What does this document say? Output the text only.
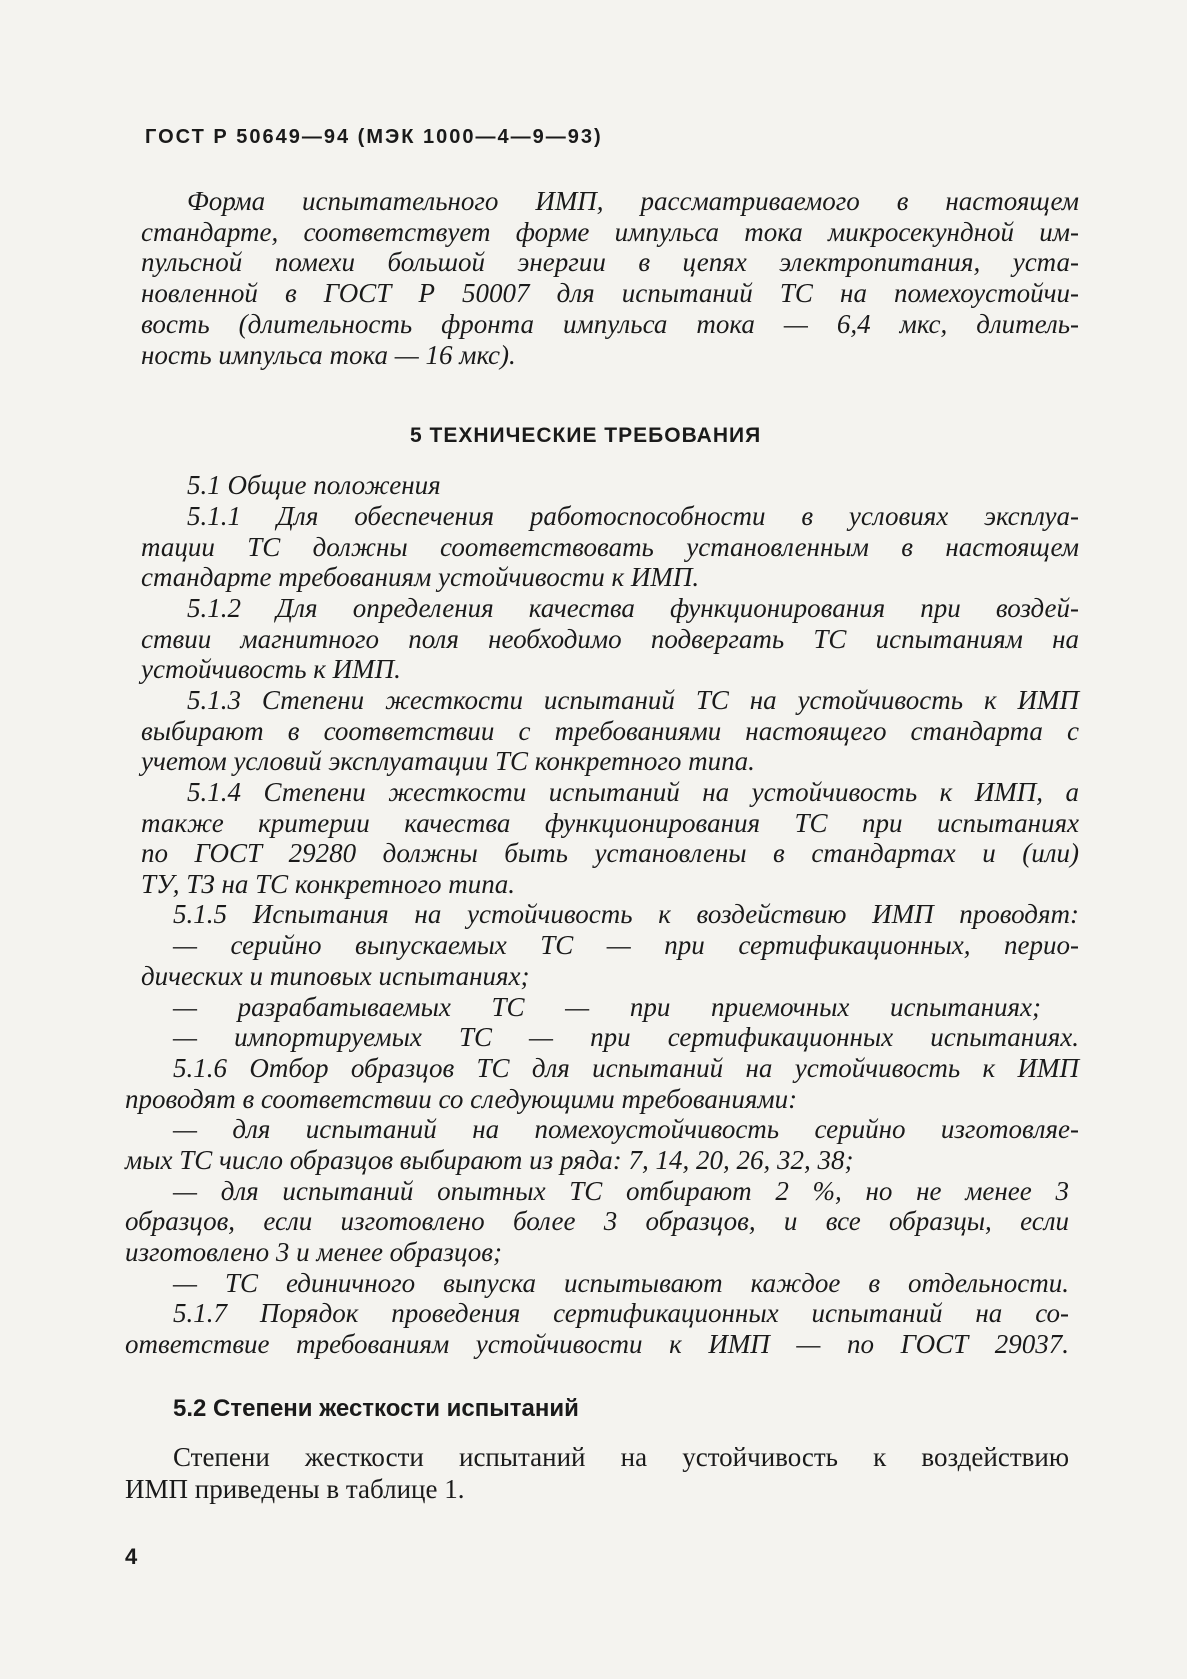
ГОСТ Р 50649—94 (МЭК 1000—4—9—93)
Форма испытательного ИМП, рассматриваемого в настоящем
стандарте, соответствует форме импульса тока микросекундной им-
пульсной помехи большой энергии в цепях электропитания, уста-
новленной в ГОСТ Р 50007 для испытаний ТС на помехоустойчи-
вость (длительность фронта импульса тока — 6,4 мкс, длитель-
ность импульса тока — 16 мкс).
5 ТЕХНИЧЕСКИЕ ТРЕБОВАНИЯ
5.1 Общие положения
5.1.1 Для обеспечения работоспособности в условиях эксплуа-
тации ТС должны соответствовать установленным в настоящем
стандарте требованиям устойчивости к ИМП.
5.1.2 Для определения качества функционирования при воздей-
ствии магнитного поля необходимо подвергать ТС испытаниям на
устойчивость к ИМП.
5.1.3 Степени жесткости испытаний ТС на устойчивость к ИМП
выбирают в соответствии с требованиями настоящего стандарта с
учетом условий эксплуатации ТС конкретного типа.
5.1.4 Степени жесткости испытаний на устойчивость к ИМП, а
также критерии качества функционирования ТС при испытаниях
по ГОСТ 29280 должны быть установлены в стандартах и (или)
ТУ, ТЗ на ТС конкретного типа.
5.1.5 Испытания на устойчивость к воздействию ИМП проводят:
— серийно выпускаемых ТС — при сертификационных, перио-
дических и типовых испытаниях;
— разрабатываемых ТС — при приемочных испытаниях;
— импортируемых ТС — при сертификационных испытаниях.
5.1.6 Отбор образцов ТС для испытаний на устойчивость к ИМП
проводят в соответствии со следующими требованиями:
— для испытаний на помехоустойчивость серийно изготовляе-
мых ТС число образцов выбирают из ряда: 7, 14, 20, 26, 32, 38;
— для испытаний опытных ТС отбирают 2 %, но не менее 3
образцов, если изготовлено более 3 образцов, и все образцы, если
изготовлено 3 и менее образцов;
— ТС единичного выпуска испытывают каждое в отдельности.
5.1.7 Порядок проведения сертификационных испытаний на со-
ответствие требованиям устойчивости к ИМП — по ГОСТ 29037.
5.2 Степени жесткости испытаний
Степени жесткости испытаний на устойчивость к воздействию
ИМП приведены в таблице 1.
4
